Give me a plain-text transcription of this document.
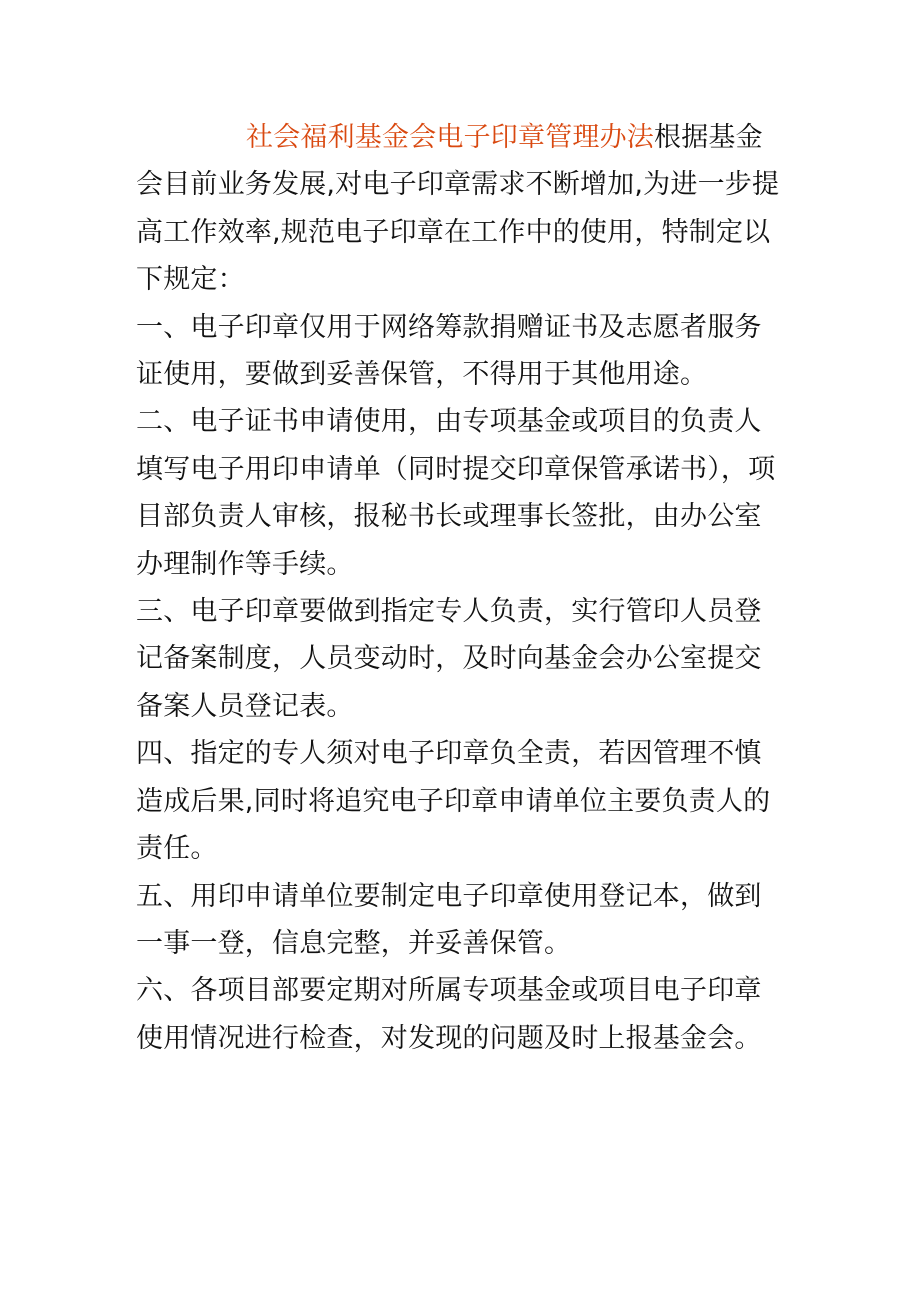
社会福利基金会电子印章管理办法根据基金会目前业务发展,对电子印章需求不断增加,为进一步提高工作效率,规范电子印章在工作中的使用，特制定以下规定：

一、电子印章仅用于网络筹款捐赠证书及志愿者服务证使用，要做到妥善保管，不得用于其他用途。

二、电子证书申请使用，由专项基金或项目的负责人填写电子用印申请单（同时提交印章保管承诺书），项目部负责人审核，报秘书长或理事长签批，由办公室办理制作等手续。

三、电子印章要做到指定专人负责，实行管印人员登记备案制度，人员变动时，及时向基金会办公室提交备案人员登记表。

四、指定的专人须对电子印章负全责，若因管理不慎造成后果,同时将追究电子印章申请单位主要负责人的责任。

五、用印申请单位要制定电子印章使用登记本，做到一事一登，信息完整，并妥善保管。

六、各项目部要定期对所属专项基金或项目电子印章使用情况进行检查，对发现的问题及时上报基金会。
